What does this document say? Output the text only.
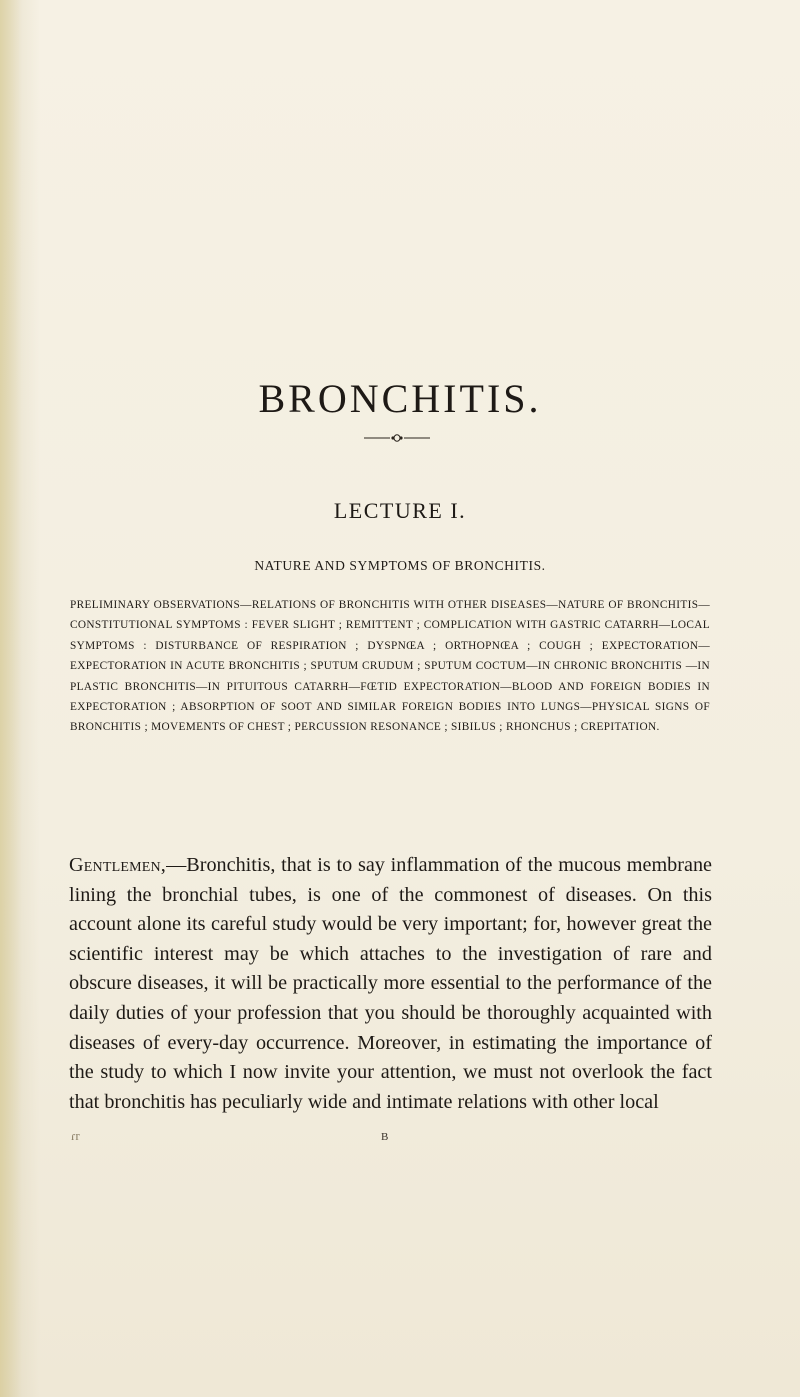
BRONCHITIS.
LECTURE I.
NATURE AND SYMPTOMS OF BRONCHITIS.

PRELIMINARY OBSERVATIONS—RELATIONS OF BRONCHITIS WITH OTHER DISEASES—NATURE OF BRONCHITIS—CONSTITUTIONAL SYMPTOMS : FEVER SLIGHT ; REMITTENT ; COMPLICATION WITH GASTRIC CATARRH—LOCAL SYMPTOMS : DISTURBANCE OF RESPIRATION ; DYSPNŒA ; ORTHOPNŒA ; COUGH ; EXPECTORATION—EXPECTORATION IN ACUTE BRONCHITIS ; SPUTUM CRUDUM ; SPUTUM COCTUM—IN CHRONIC BRONCHITIS —IN PLASTIC BRONCHITIS—IN PITUITOUS CATARRH—FŒTID EXPECTORATION—BLOOD AND FOREIGN BODIES IN EXPECTORATION ; ABSORPTION OF SOOT AND SIMILAR FOREIGN BODIES INTO LUNGS—PHYSICAL SIGNS OF BRONCHITIS ; MOVEMENTS OF CHEST ; PERCUSSION RESONANCE ; SIBILUS ; RHONCHUS ; CREPITATION.

Gentlemen,—Bronchitis, that is to say inflammation of the mucous membrane lining the bronchial tubes, is one of the commonest of diseases. On this account alone its careful study would be very important; for, however great the scientific interest may be which attaches to the investigation of rare and obscure diseases, it will be practically more essential to the performance of the daily duties of your profession that you should be thoroughly acquainted with diseases of every-day occurrence. Moreover, in estimating the importance of the study to which I now invite your attention, we must not overlook the fact that bronchitis has peculiarly wide and intimate relations with other local

ɾr	B
